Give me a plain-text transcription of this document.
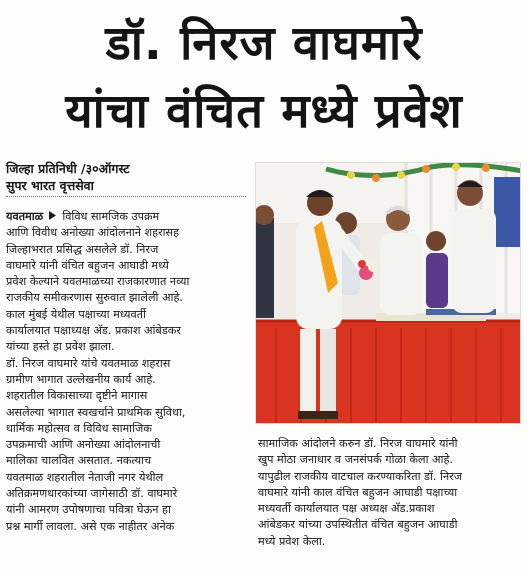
डॉ. निरज वाघमारे
यांचा वंचित मध्ये प्रवेश
जिल्हा प्रतिनिधी /३०ऑगस्ट
सुपर भारत वृत्तसेवा
यवतमाळ विविध सामजिक उपक्रम
आणि विवीध अनोख्या आंदोलनाने शहरासह
जिल्हाभरात प्रसिद्ध असलेले डॉ. निरज
वाघमारे यांनी वंचित बहुजन आघाडी मध्ये
प्रवेश केल्याने यवतमाळच्या राजकारणात नव्या
राजकीय समीकरणास सुरुवात झालेली आहे.
काल मुंबई येथील पक्षाच्या मध्यवर्ती
कार्यालयात पक्षाध्यक्ष अ‍ॅड. प्रकाश आंबेडकर
यांच्या हस्ते हा प्रवेश झाला.
डॉ. निरज वाघमारे यांचे यवतमाळ शहरास
ग्रामीण भागात उल्लेखनीय कार्य आहे.
शहरातील विकासाच्या दृष्टीने मागास
असलेल्या भागात स्वखर्चाने प्राथमिक सुविधा,
धार्मिक महोत्सव व विविध सामाजिक
उपक्रमाची आणि अनोख्या आंदोलनाची
मालिका चालवित असतात. नकत्याच
यवतमाळ शहरातील नेताजी नगर येथील
अतिक्रमणधारकांच्या जागेसाठी डॉ. वाघमारे
यांनी आमरण उपोषणाचा पवित्रा घेऊन हा
प्रश्न मार्गी लावला. असे एक नाहीतर अनेक
सामाजिक आंदोलने करुन डॉ. निरज वाघमारे यांनी
खुप मोठा जनाधार व जनसंपर्क गोळा केला आहे.
यापुढील राजकीय वाटचाल करण्याकरिता डॉ. निरज
वाघमारे यांनी काल वंचित बहुजन आघाडी पक्षाच्या
मध्यवर्ती कार्यालयात पक्ष अध्यक्ष अ‍ॅड.प्रकाश
आंबेडकर यांच्या उपस्थितीत वंचित बहुजन आघाडी
मध्ये प्रवेश केला.
